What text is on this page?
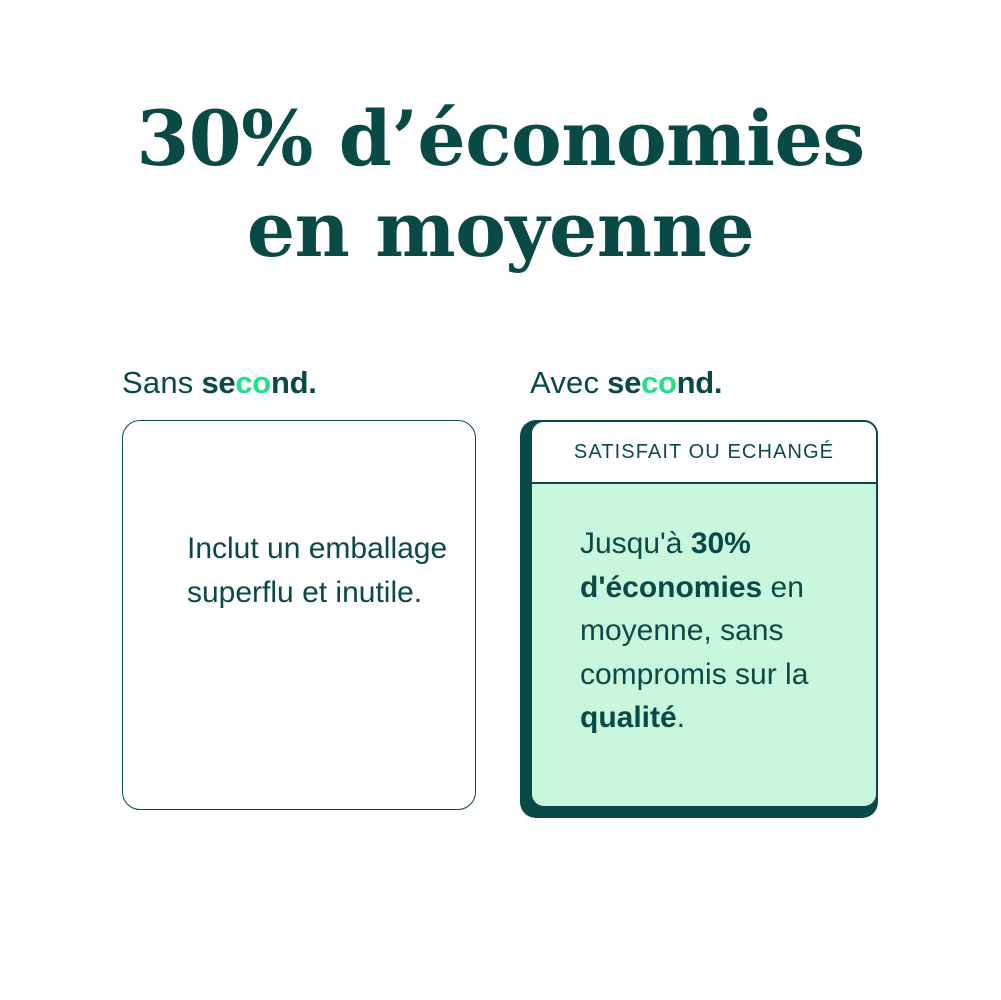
30% d’économies
en moyenne
Sans second.	Avec second.
Inclut un emballage superflu et inutile.
SATISFAIT OU ECHANGÉ
Jusqu'à 30% d'économies en moyenne, sans compromis sur la qualité.
